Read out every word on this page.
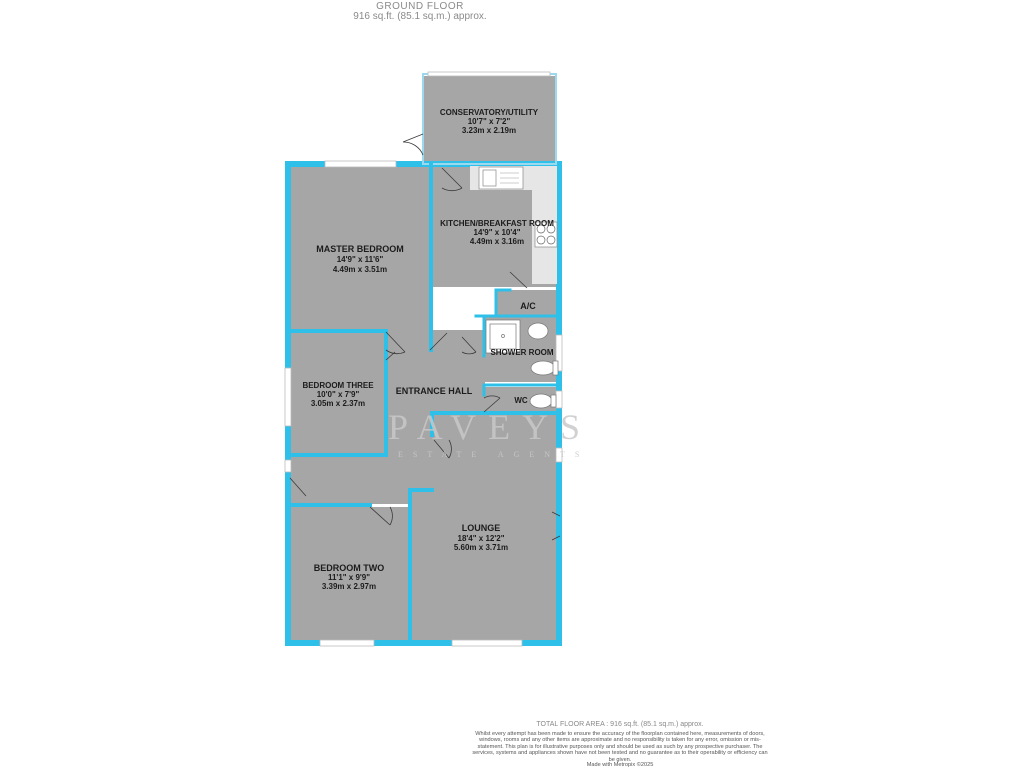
GROUND FLOOR
916 sq.ft. (85.1 sq.m.) approx.
CONSERVATORY/UTILITY
10'7" x 7'2"
3.23m x 2.19m
KITCHEN/BREAKFAST ROOM
14'9" x 10'4"
4.49m x 3.16m
MASTER BEDROOM
14'9" x 11'6"
4.49m x 3.51m
A/C
SHOWER ROOM
BEDROOM THREE
10'0" x 7'9"
3.05m x 2.37m
ENTRANCE HALL
WC
LOUNGE
18'4" x 12'2"
5.60m x 3.71m
BEDROOM TWO
11'1" x 9'9"
3.39m x 2.97m
PAVEYS
ESTATE AGENTS
TOTAL FLOOR AREA : 916 sq.ft. (85.1 sq.m.) approx.
Whilst every attempt has been made to ensure the accuracy of the floorplan contained here, measurements of doors, windows, rooms and any other items are approximate and no responsibility is taken for any error, omission or mis-statement. This plan is for illustrative purposes only and should be used as such by any prospective purchaser. The services, systems and appliances shown have not been tested and no guarantee as to their operability or efficiency can be given.
Made with Metropix ©2025
